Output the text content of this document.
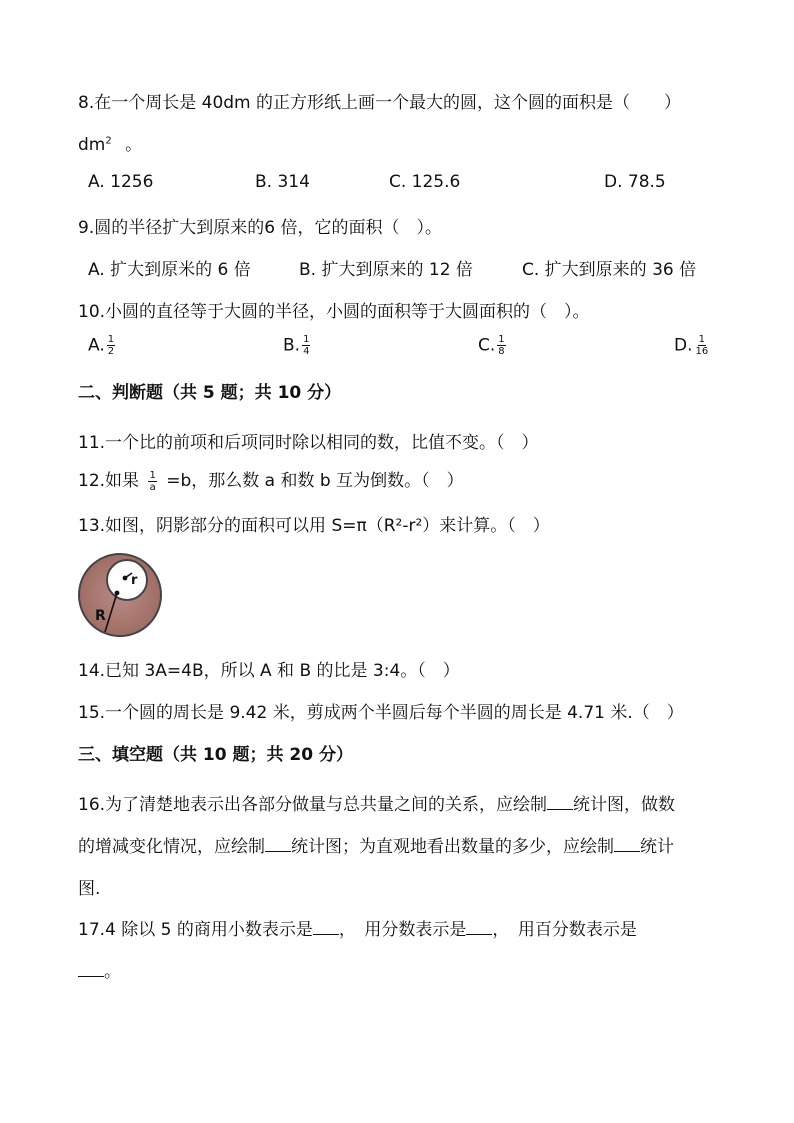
8.在一个周长是 40dm 的正方形纸上画一个最大的圆，这个圆的面积是（　　）
$dm^2$ 。
A. 1256	B. 314	C. 125.6	D. 78.5
9.圆的半径扩大到原来的6 倍，它的面积（　）。
A. 扩大到原米的 6 倍	B. 扩大到原来的 12 倍	C. 扩大到原来的 36 倍
10.小圆的直径等于大圆的半径，小圆的面积等于大圆面积的（　）。
A. $\frac{1}{2}$	B. $\frac{1}{4}$	C. $\frac{1}{8}$	D. $\frac{1}{16}$
二、判断题（共 5 题；共 10 分）
11.一个比的前项和后项同时除以相同的数，比值不变。（　）
12.如果 $\frac{1}{a} =b$，那么数 a 和数 b 互为倒数。（　）
13.如图，阴影部分的面积可以用 S=π（R²-r²）来计算。（　）
r
R
14.已知 3A=4B，所以 A 和 B 的比是 3:4。（　）
15.一个圆的周长是 9.42 米，剪成两个半圆后每个半圆的周长是 4.71 米.（　）
三、填空题（共 10 题；共 20 分）
16.为了清楚地表示出各部分做量与总共量之间的关系，应绘制 统计图，做数
的增减变化情况，应绘制 统计图；为直观地看出数量的多少，应绘制 统计
图.
17.4 除以 5 的商用小数表示是 ，　用分数表示是 ，　用百分数表示是
。
